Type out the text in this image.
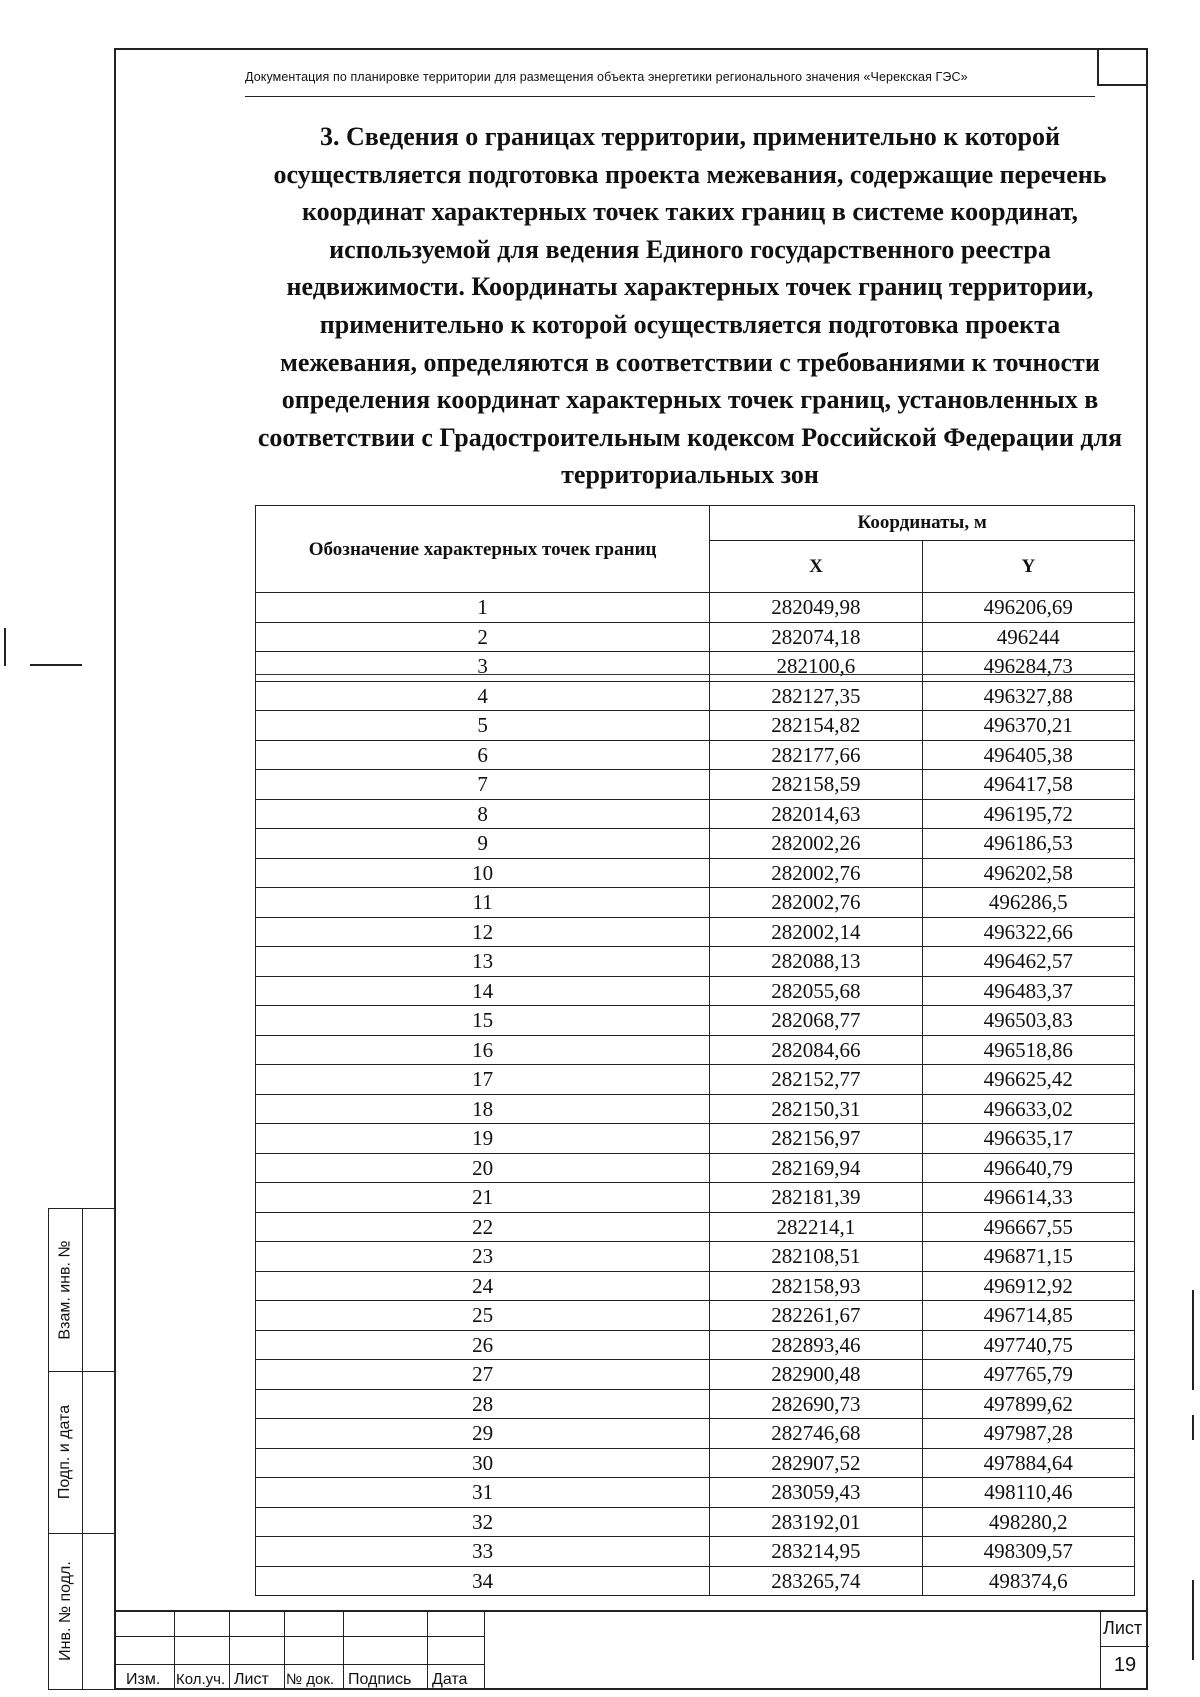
Документация по планировке территории для размещения объекта энергетики регионального значения «Черекская ГЭС»
3. Сведения о границах территории, применительно к которой осуществляется подготовка проекта межевания, содержащие перечень координат характерных точек таких границ в системе координат, используемой для ведения Единого государственного реестра недвижимости. Координаты характерных точек границ территории, применительно к которой осуществляется подготовка проекта межевания, определяются в соответствии с требованиями к точности определения координат характерных точек границ, установленных в соответствии с Градостроительным кодексом Российской Федерации для территориальных зон
Обозначение характерных точек границ	Координаты, м	
	X	Y
1	282049,98	496206,69
2	282074,18	496244
3	282100,6	496284,73
4	282127,35	496327,88
5	282154,82	496370,21
6	282177,66	496405,38
7	282158,59	496417,58
8	282014,63	496195,72
9	282002,26	496186,53
10	282002,76	496202,58
11	282002,76	496286,5
12	282002,14	496322,66
13	282088,13	496462,57
14	282055,68	496483,37
15	282068,77	496503,83
16	282084,66	496518,86
17	282152,77	496625,42
18	282150,31	496633,02
19	282156,97	496635,17
20	282169,94	496640,79
21	282181,39	496614,33
22	282214,1	496667,55
23	282108,51	496871,15
24	282158,93	496912,92
25	282261,67	496714,85
26	282893,46	497740,75
27	282900,48	497765,79
28	282690,73	497899,62
29	282746,68	497987,28
30	282907,52	497884,64
31	283059,43	498110,46
32	283192,01	498280,2
33	283214,95	498309,57
34	283265,74	498374,6
Взам. инв. №
Подп. и дата
Инв. № подл.
Изм. Кол.уч. Лист № док. Подпись Дата
Лист
19
